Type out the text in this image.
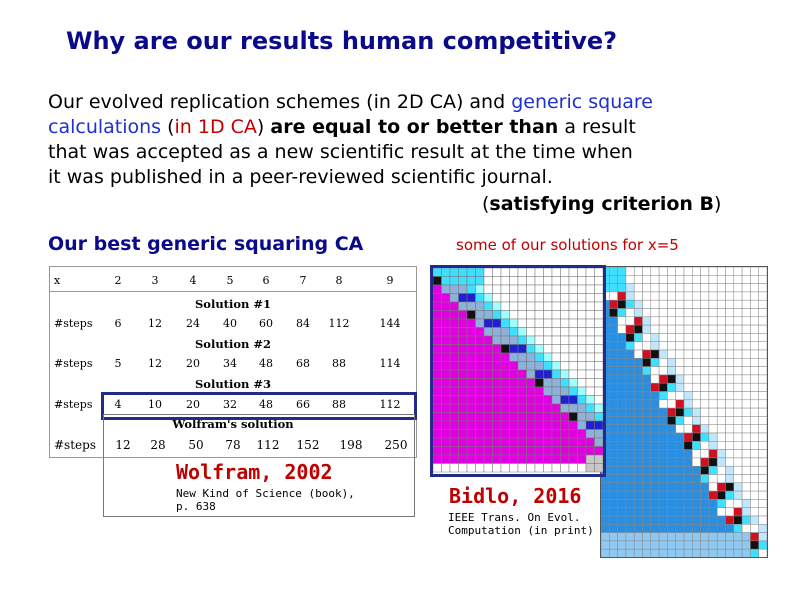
Why are our results human competitive?
Our evolved replication schemes (in 2D CA) and generic square
calculations (in 1D CA) are equal to or better than a result
that was accepted as a new scientific result at the time when
it was published in a peer-reviewed scientific journal.
(satisfying criterion B)
Our best generic squaring CA	some of our solutions for x=5
x	2	3	4	5	6	7	8	9
Solution #1
#steps	6	12	24	40	60	84	112	144
Solution #2
#steps	5	12	20	34	48	68	88	114
Solution #3
#steps	4	10	20	32	48	66	88	112
Wolfram's solution
#steps	12	28	50	78	112	152	198	250
Wolfram, 2002
New Kind of Science (book),
p. 638	Bidlo, 2016
IEEE Trans. On Evol.
Computation (in print)
